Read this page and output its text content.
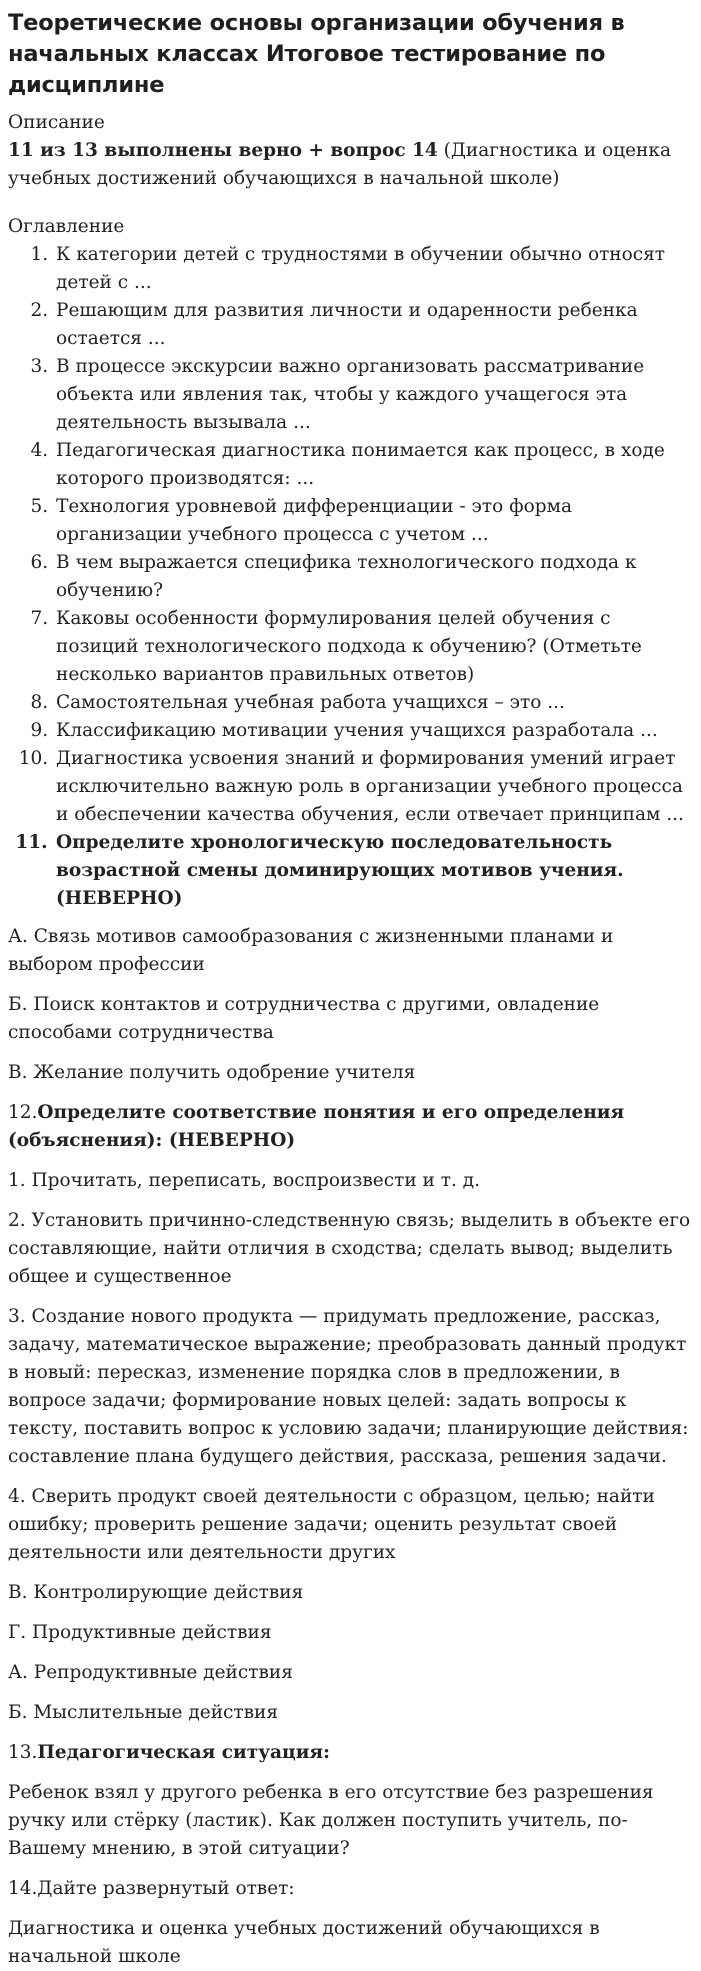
Теоретические основы организации обучения в начальных классах Итоговое тестирование по дисциплине
Описание
11 из 13 выполнены верно + вопрос 14 (Диагностика и оценка учебных достижений обучающихся в начальной школе)
Оглавление
1. К категории детей с трудностями в обучении обычно относят детей с ...
2. Решающим для развития личности и одаренности ребенка остается ...
3. В процессе экскурсии важно организовать рассматривание объекта или явления так, чтобы у каждого учащегося эта деятельность вызывала ...
4. Педагогическая диагностика понимается как процесс, в ходе которого производятся: ...
5. Технология уровневой дифференциации - это форма организации учебного процесса с учетом ...
6. В чем выражается специфика технологического подхода к обучению?
7. Каковы особенности формулирования целей обучения с позиций технологического подхода к обучению? (Отметьте несколько вариантов правильных ответов)
8. Самостоятельная учебная работа учащихся – это ...
9. Классификацию мотивации учения учащихся разработала ...
10. Диагностика усвоения знаний и формирования умений играет исключительно важную роль в организации учебного процесса и обеспечении качества обучения, если отвечает принципам ...
11. Определите хронологическую последовательность возрастной смены доминирующих мотивов учения. (НЕВЕРНО)

А. Связь мотивов самообразования с жизненными планами и выбором профессии

Б. Поиск контактов и сотрудничества с другими, овладение способами сотрудничества

В. Желание получить одобрение учителя

12.Определите соответствие понятия и его определения (объяснения): (НЕВЕРНО)

1. Прочитать, переписать, воспроизвести и т. д.

2. Установить причинно-следственную связь; выделить в объекте его составляющие, найти отличия в сходства; сделать вывод; выделить общее и существенное

3. Создание нового продукта — придумать предложение, рассказ, задачу, математическое выражение; преобразовать данный продукт в новый: пересказ, изменение порядка слов в предложении, в вопросе задачи; формирование новых целей: задать вопросы к тексту, поставить вопрос к условию задачи; планирующие действия: составление плана будущего действия, рассказа, решения задачи.

4. Сверить продукт своей деятельности с образцом, целью; найти ошибку; проверить решение задачи; оценить результат своей деятельности или деятельности других

В. Контролирующие действия

Г. Продуктивные действия

А. Репродуктивные действия

Б. Мыслительные действия

13.Педагогическая ситуация:

Ребенок взял у другого ребенка в его отсутствие без разрешения ручку или стёрку (ластик). Как должен поступить учитель, по-Вашему мнению, в этой ситуации?

14.Дайте развернутый ответ:

Диагностика и оценка учебных достижений обучающихся в начальной школе
